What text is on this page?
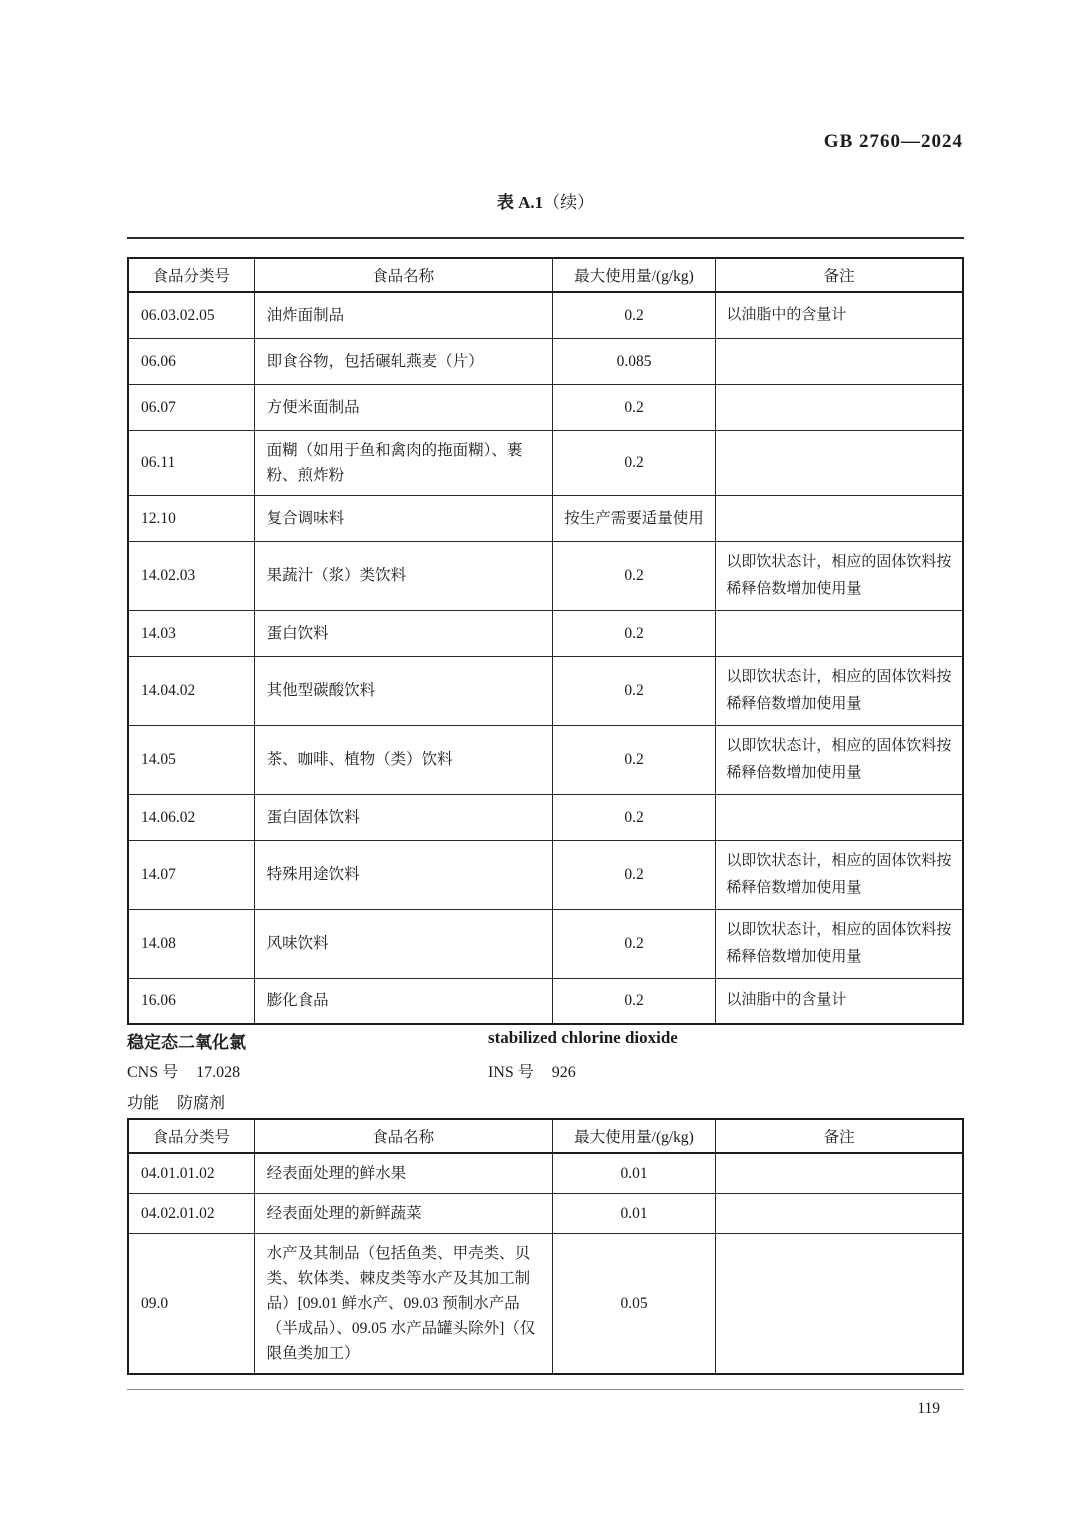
GB 2760—2024
表 A.1（续）
食品分类号	食品名称	最大使用量/(g/kg)	备注
06.03.02.05	油炸面制品	0.2	以油脂中的含量计
06.06	即食谷物，包括碾轧燕麦（片）	0.085	
06.07	方便米面制品	0.2	
06.11	面糊（如用于鱼和禽肉的拖面糊）、裹粉、煎炸粉	0.2	
12.10	复合调味料	按生产需要适量使用	
14.02.03	果蔬汁（浆）类饮料	0.2	以即饮状态计，相应的固体饮料按稀释倍数增加使用量
14.03	蛋白饮料	0.2	
14.04.02	其他型碳酸饮料	0.2	以即饮状态计，相应的固体饮料按稀释倍数增加使用量
14.05	茶、咖啡、植物（类）饮料	0.2	以即饮状态计，相应的固体饮料按稀释倍数增加使用量
14.06.02	蛋白固体饮料	0.2	
14.07	特殊用途饮料	0.2	以即饮状态计，相应的固体饮料按稀释倍数增加使用量
14.08	风味饮料	0.2	以即饮状态计，相应的固体饮料按稀释倍数增加使用量
16.06	膨化食品	0.2	以油脂中的含量计
稳定态二氧化氯	stabilized chlorine dioxide
CNS 号 17.028	INS 号 926
功能 防腐剂
食品分类号	食品名称	最大使用量/(g/kg)	备注
04.01.01.02	经表面处理的鲜水果	0.01	
04.02.01.02	经表面处理的新鲜蔬菜	0.01	
09.0	水产及其制品（包括鱼类、甲壳类、贝类、软体类、棘皮类等水产及其加工制品）[09.01 鲜水产、09.03 预制水产品（半成品）、09.05 水产品罐头除外]（仅限鱼类加工）	0.05	
119
